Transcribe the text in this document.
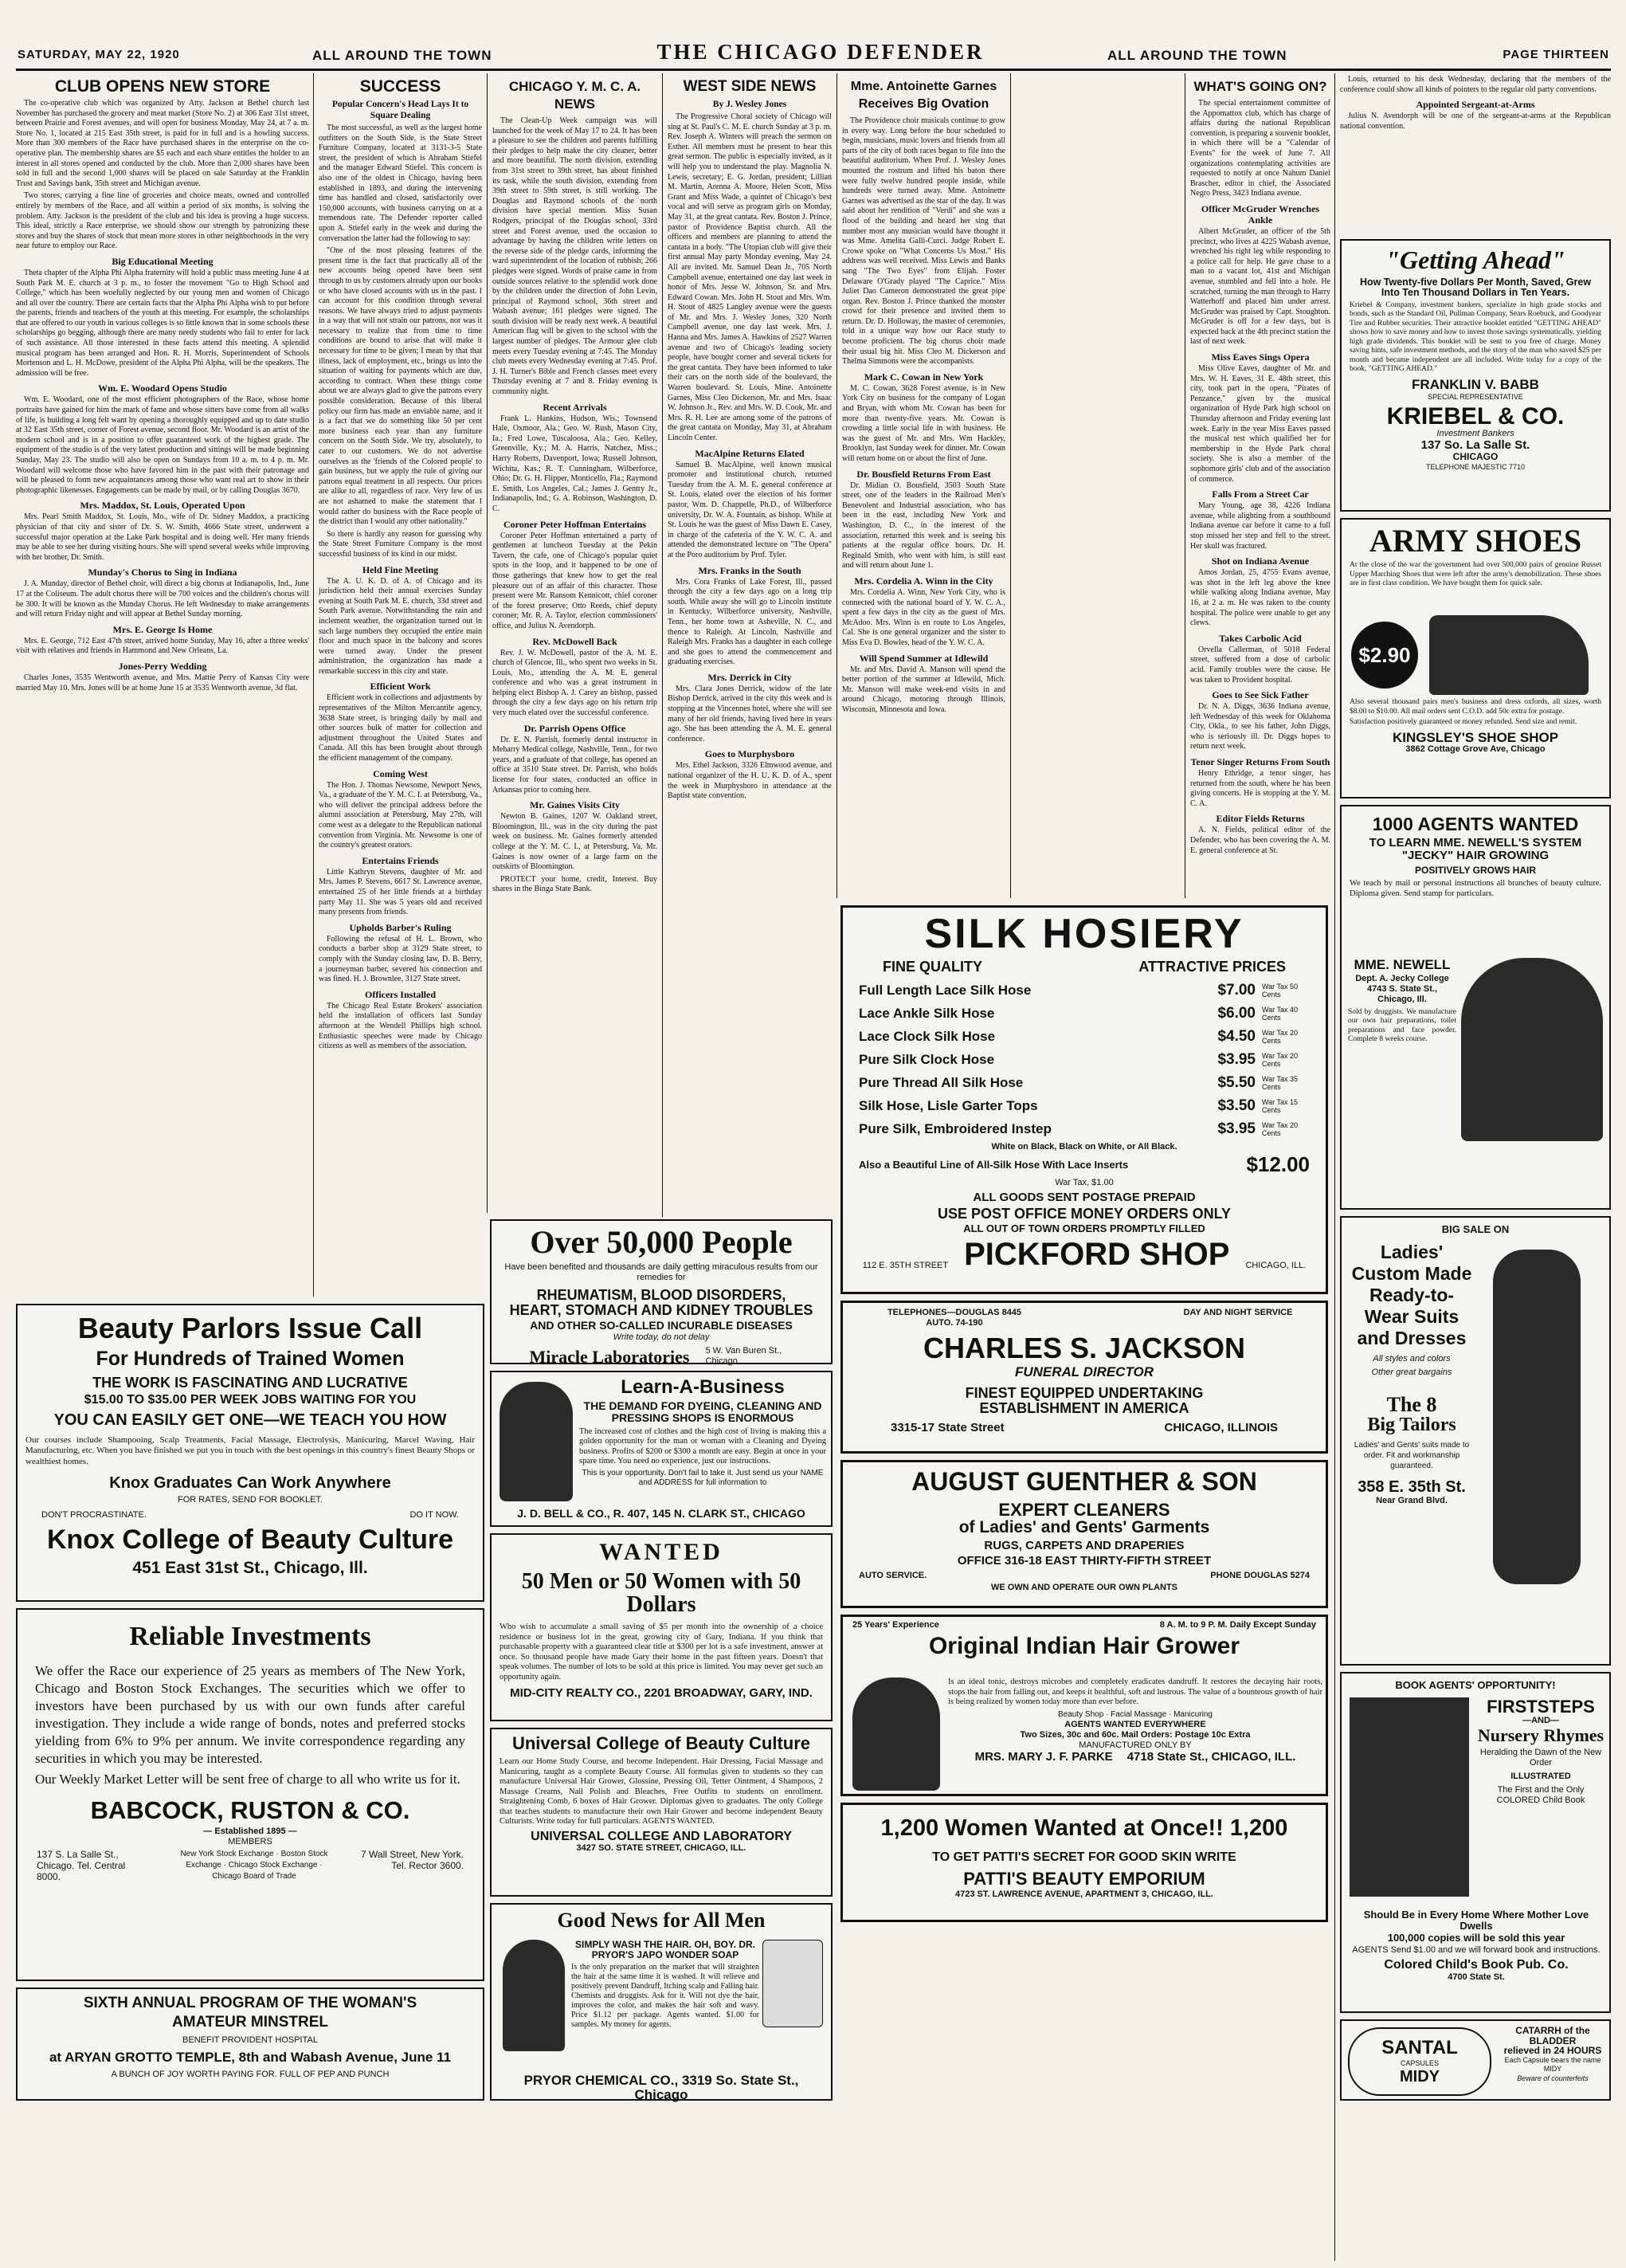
SATURDAY, MAY 22, 1920	ALL AROUND THE TOWN	THE CHICAGO DEFENDER	ALL AROUND THE TOWN	PAGE THIRTEEN
CLUB OPENS NEW STORE

The co-operative club which was organized by Atty. Jackson at Bethel church last November has purchased the grocery and meat market (Store No. 2) at 306 East 31st street, between Prairie and Forest avenues, and will open for business Monday, May 24, at 7 a. m. Store No. 1, located at 215 East 35th street, is paid for in full and is a howling success. More than 300 members of the Race have purchased shares in the enterprise on the co-operative plan. The membership shares are $5 each and each share entitles the holder to an interest in all stores opened and conducted by the club. More than 2,000 shares have been sold in full and the second 1,000 shares will be placed on sale Saturday at the Franklin Trust and Savings bank, 35th street and Michigan avenue.

Two stores, carrying a fine line of groceries and choice meats, owned and controlled entirely by members of the Race, and all within a period of six months, is solving the problem. Atty. Jackson is the president of the club and his idea is proving a huge success. This ideal, strictly a Race enterprise, we should show our strength by patronizing these stores and buy the shares of stock that mean more stores in other neighborhoods in the very near future to employ our Race.

Big Educational Meeting

Theta chapter of the Alpha Phi Alpha fraternity will hold a public mass meeting June 4 at South Park M. E. church at 3 p. m., to foster the movement "Go to High School and College," which has been woefully neglected by our young men and women of Chicago and all over the country. There are certain facts that the Alpha Phi Alpha wish to put before the parents, friends and teachers of the youth at this meeting. For example, the scholarships that are offered to our youth in various colleges is so little known that in some schools these scholarships go begging, although there are many needy students who fail to enter for lack of such assistance. All those interested in these facts attend this meeting. A splendid musical program has been arranged and Hon. R. H. Morris, Superintendent of Schools Mortenson and L. H. McDowe, president of the Alpha Phi Alpha, will be the speakers. The admission will be free.

Wm. E. Woodard Opens Studio

Wm. E. Woodard, one of the most efficient photographers of the Race, whose home portraits have gained for him the mark of fame and whose sitters have come from all walks of life, is building a long felt want by opening a thoroughly equipped and up to date studio at 32 East 35th street, corner of Forest avenue, second floor. Mr. Woodard is an artist of the modern school and is in a position to offer guaranteed work of the highest grade. The equipment of the studio is of the very latest production and sittings will be made beginning Sunday, May 23. The studio will also be open on Sundays from 10 a. m. to 4 p. m. Mr. Woodard will welcome those who have favored him in the past with their patronage and will be pleased to form new acquaintances among those who want real art to show in their photographic likenesses. Engagements can be made by mail, or by calling Douglas 3670.

Mrs. Maddox, St. Louis, Operated Upon

Mrs. Pearl Smith Maddox, St. Louis, Mo., wife of Dr. Sidney Maddox, a practicing physician of that city and sister of Dr. S. W. Smith, 4666 State street, underwent a successful major operation at the Lake Park hospital and is doing well. Her many friends may be able to see her during visiting hours. She will spend several weeks while improving with her brother, Dr. Smith.

Munday's Chorus to Sing in Indiana

J. A. Munday, director of Bethel choir, will direct a big chorus at Indianapolis, Ind., June 17 at the Coliseum. The adult chorus there will be 700 voices and the children's chorus will be 300. It will be known as the Munday Chorus. He left Wednesday to make arrangements and will return Friday night and will appear at Bethel Sunday morning.

Mrs. E. George Is Home

Mrs. E. George, 712 East 47th street, arrived home Sunday, May 16, after a three weeks' visit with relatives and friends in Hammond and New Orleans, La.

Jones-Perry Wedding

Charles Jones, 3535 Wentworth avenue, and Mrs. Mattie Perry of Kansas City were married May 10. Mrs. Jones will be at home June 15 at 3535 Wentworth avenue, 3d flat.

SUCCESS
Popular Concern's Head Lays It to Square Dealing

The most successful, as well as the largest home outfitters on the South Side, is the State Street Furniture Company, located at 3131-3-5 State street, the president of which is Abraham Stiefel and the manager Edward Stiefel. This concern is also one of the oldest in Chicago, having been established in 1893, and during the intervening time has handled and closed, satisfactorily over 150,000 accounts, with business carrying on at a tremendous rate. The Defender reporter called upon A. Stiefel early in the week and during the conversation the latter had the following to say:

"One of the most pleasing features of the present time is the fact that practically all of the new accounts being opened have been sent through to us by customers already upon our books or who have closed accounts with us in the past. I can account for this condition through several reasons. We have always tried to adjust payments in a way that will not strain our patrons, nor was it necessary to realize that from time to time conditions are bound to arise that will make it necessary for time to be given; I mean by that that illness, lack of employment, etc., brings us into the situation of waiting for payments which are due, according to contract. When these things come about we are always glad to give the patrons every possible consideration. Because of this liberal policy our firm has made an enviable name, and it is a fact that we do something like 50 per cent more business each year than any furniture concern on the South Side. We try, absolutely, to cater to our customers. We do not advertise ourselves as the 'friends of the Colored people' to gain business, but we apply the rule of giving our patrons equal treatment in all respects. Our prices are alike to all, regardless of race. Very few of us are not ashamed to make the statement that I would rather do business with the Race people of the district than I would any other nationality."

So there is hardly any reason for guessing why the State Street Furniture Company is the most successful business of its kind in our midst.

Held Fine Meeting

The A. U. K. D. of A. of Chicago and its jurisdiction held their annual exercises Sunday evening at South Park M. E. church, 33d street and South Park avenue. Notwithstanding the rain and inclement weather, the organization turned out in such large numbers they occupied the entire main floor and much space in the balcony and scores were turned away. Under the present administration, the organization has made a remarkable success in this city and state.

Efficient Work

Efficient work in collections and adjustments by representatives of the Milton Mercantile agency, 3638 State street, is bringing daily by mail and other sources bulk of matter for collection and adjustment throughout the United States and Canada. All this has been brought about through the efficient management of the company.

Coming West

The Hon. J. Thomas Newsome, Newport News, Va., a graduate of the Y. M. C. I. at Petersburg, Va., who will deliver the principal address before the alumni association at Petersburg, May 27th, will come west as a delegate to the Republican national convention from Virginia. Mr. Newsome is one of the country's greatest orators.

Entertains Friends

Little Kathryn Stevens, daughter of Mr. and Mrs. James P. Stevens, 6617 St. Lawrence avenue, entertained 25 of her little friends at a birthday party May 11. She was 5 years old and received many presents from friends.

Upholds Barber's Ruling

Following the refusal of H. L. Brown, who conducts a barber shop at 3129 State street, to comply with the Sunday closing law, D. B. Berry, a journeyman barber, severed his connection and was fined. H. J. Brownlee, 3127 State street.

Officers Installed

The Chicago Real Estate Brokers' association held the installation of officers last Sunday afternoon at the Wendell Phillips high school. Enthusiastic speeches were made by Chicago citizens as well as members of the association.

CHICAGO Y. M. C. A. NEWS

The Clean-Up Week campaign was will launched for the week of May 17 to 24. It has been a pleasure to see the children and parents fulfilling their pledges to help make the city cleaner, better and more beautiful. The north division, extending from 31st street to 39th street, has about finished its task, while the south division, extending from 39th street to 59th street, is still working. The Douglas and Raymond schools of the north division have special mention. Miss Susan Rodgers, principal of the Douglas school, 33rd street and Forest avenue, used the occasion to advantage by having the children write letters on the reverse side of the pledge cards, informing the ward superintendent of the location of rubbish; 266 pledges were signed. Words of praise came in from outside sources relative to the splendid work done by the children under the direction of John Levin, principal of Raymond school, 36th street and Wabash avenue; 161 pledges were signed. The south division will be ready next week. A beautiful American flag will be given to the school with the largest number of pledges. The Armour glee club meets every Tuesday evening at 7:45. The Monday club meets every Wednesday evening at 7:45. Prof. J. H. Turner's Bible and French classes meet every Thursday evening at 7 and 8. Friday evening is community night.

Recent Arrivals

Frank L. Hankins, Hudson, Wis.; Townsend Hale, Oxmoor, Ala.; Geo. W. Rush, Mason City, Ia.; Fred Lowe, Tuscaloosa, Ala.; Geo. Kelley, Greenville, Ky.; M. A. Harris, Natchez, Miss.; Harry Roberts, Davenport, Iowa; Russell Johnson, Wichita, Kas.; R. T. Cunningham, Wilberforce, Ohio; Dr. G. H. Flipper, Monticello, Fla.; Raymond E. Smith, Los Angeles, Cal.; James J. Gentry Jr., Indianapolis, Ind.; G. A. Robinson, Washington, D. C.

Coroner Peter Hoffman Entertains

Coroner Peter Hoffman entertained a party of gentlemen at luncheon Tuesday at the Pekin Tavern, the cafe, one of Chicago's popular quiet spots in the loop, and it happened to be one of those gatherings that knew how to get the real pleasure out of an affair of this character. Those present were Mr. Ransom Kennicott, chief coroner of the forest preserve; Otto Reeds, chief deputy coroner; Mr. R. A. Taylor, election commissioners' office, and Julius N. Avendorph.

Rev. McDowell Back

Rev. J. W. McDowell, pastor of the A. M. E. church of Glencoe, Ill., who spent two weeks in St. Louis, Mo., attending the A. M. E. general conference and who was a great instrument in helping elect Bishop A. J. Carey an bishop, passed through the city a few days ago on his return trip very much elated over the successful conference.

Dr. Parrish Opens Office

Dr. E. N. Parrish, formerly dental instructor in Meharry Medical college, Nashville, Tenn., for two years, and a graduate of that college, has opened an office at 3510 State street. Dr. Parrish, who holds license for four states, conducted an office in Arkansas prior to coming here.

Mr. Gaines Visits City

Newton B. Gaines, 1207 W. Oakland street, Bloomington, Ill., was in the city during the past week on business. Mr. Gaines formerly attended college at the Y. M. C. I., at Petersburg, Va. Mr. Gaines is now owner of a large farm on the outskirts of Bloomington.

PROTECT your home, credit, Interest. Buy shares in the Binga State Bank.

WEST SIDE NEWS
By J. Wesley Jones

The Progressive Choral society of Chicago will sing at St. Paul's C. M. E. church Sunday at 3 p. m. Rev. Joseph A. Winters will preach the sermon on Esther. All members must be present to hear this great sermon. The public is especially invited, as it will help you to understand the play. Magnolia N. Lewis, secretary; E. G. Jordan, president; Lillian M. Martin, Arenna A. Moore, Helen Scott, Miss Grant and Miss Wade, a quintet of Chicago's best vocal and will serve as program girls on Monday, May 31, at the great cantata. Rev. Boston J. Prince, pastor of Providence Baptist church. All the officers and members are planning to attend the cantata in a body. "The Utopian club will give their first annual May party Monday evening, May 24. All are invited. Mr. Samuel Dean Jr., 705 North Campbell avenue, entertained one day last week in honor of Mrs. Jesse W. Johnson, Sr. and Mrs. Edward Cowan. Mrs. John H. Stout and Mrs. Wm. H. Stout of 4825 Langley avenue were the guests of Mr. and Mrs. J. Wesley Jones, 320 North Campbell avenue, one day last week. Mrs. J. Hanna and Mrs. James A. Hawkins of 2527 Warren avenue and two of Chicago's leading society people, have bought corner and several tickets for the great cantata. They have been informed to take their cars on the north side of the boulevard, the Warren boulevard. St. Louis, Mine. Antoinette Garnes, Miss Cleo Dickerson, Mr. and Mrs. Isaac W. Johnson Jr., Rev. and Mrs. W. D. Cook, Mr. and Mrs. R. H. Lee are among some of the patrons of the great cantata on Monday, May 31, at Abraham Lincoln Center.

MacAlpine Returns Elated

Samuel B. MacAlpine, well known musical promoter and institutional church, returned Tuesday from the A. M. E. general conference at St. Louis, elated over the election of his former pastor, Wm. D. Chappelle, Ph.D., of Wilberforce university, Dr. W. A. Fountain, as bishop. While at St. Louis he was the guest of Miss Dawn E. Casey, in charge of the cafeteria of the Y. W. C. A. and attended the demonstrated lecture on "The Opera" at the Poro auditorium by Prof. Tyler.

Mrs. Franks in the South

Mrs. Cora Franks of Lake Forest, Ill., passed through the city a few days ago on a long trip south. While away she will go to Lincoln institute in Kentucky, Wilberforce university, Nashville, Tenn., her home town at Asheville, N. C., and thence to Raleigh. At Lincoln, Nashville and Raleigh Mrs. Franks has a daughter in each college and she goes to attend the commencement and graduating exercises.

Mrs. Derrick in City

Mrs. Clara Jones Derrick, widow of the late Bishop Derrick, arrived in the city this week and is stopping at the Vincennes hotel, where she will see many of her old friends, having lived here in years ago. She has been attending the A. M. E. general conference.

Goes to Murphysboro

Mrs. Ethel Jackson, 3326 Elmwood avenue, and national organizer of the H. U. K. D. of A., spent the week in Murphysboro in attendance at the Baptist state convention.

Mme. Antoinette Garnes Receives Big Ovation

The Providence choir musicals continue to grow in every way. Long before the hour scheduled to begin, musicians, music lovers and friends from all parts of the city of both races began to file into the beautiful auditorium. When Prof. J. Wesley Jones mounted the rostrum and lifted his baton there were fully twelve hundred people inside, while hundreds were turned away. Mme. Antoinette Garnes was advertised as the star of the day. It was said about her rendition of "Verdi" and she was a flood of the building and heard her sing that number most any musician would have thought it was Mme. Amelita Galli-Curci. Judge Robert E. Crowe spoke on "What Concerns Us Most." His address was well received. Miss Lewis and Banks sang "The Two Eyes" from Elijah. Foster Delaware O'Grady played "The Caprice." Miss Juliet Dao Cameron demonstrated the great pipe organ. Rev. Boston J. Prince thanked the monster crowd for their presence and invited them to return. Dr. D. Holloway, the master of ceremonies, told in a unique way how our Race study to become proficient. The big chorus choir made their usual big hit. Miss Cleo M. Dickerson and Thelma Simmons were the accompanists.

Mark C. Cowan in New York

M. C. Cowan, 3628 Forest avenue, is in New York City on business for the company of Logan and Bryan, with whom Mr. Cowan has been for more than twenty-five years. Mr. Cowan is crowding a little social life in with business. He was the guest of Mr. and Mrs. Wm Hackley, Brooklyn, last Sunday week for dinner. Mr. Cowan will return home on or about the first of June.

Dr. Bousfield Returns From East

Dr. Midian O. Bousfield, 3503 South State street, one of the leaders in the Railroad Men's Benevolent and Industrial association, who has been in the east, including New York and Washington, D. C., in the interest of the association, returned this week and is seeing his patients at the regular office hours. Dr. H. Reginald Smith, who went with him, is still east and will return about June 1.

Mrs. Cordelia A. Winn in the City

Mrs. Cordelia A. Winn, New York City, who is connected with the national board of Y. W. C. A., spent a few days in the city as the guest of Mrs. McAdoo. Mrs. Winn is en route to Los Angeles, Cal. She is one general organizer and the sister to Miss Eva D. Bowles, head of the Y. W. C. A.

Will Spend Summer at Idlewild

Mr. and Mrs. David A. Manson will spend the better portion of the summer at Idlewild, Mich. Mr. Manson will make week-end visits in and around Chicago, motoring through Illinois, Wisconsin, Minnesota and Iowa.

WHAT'S GOING ON?

The special entertainment committee of the Appomattox club, which has charge of affairs during the national Republican convention, is preparing a souvenir booklet, in which there will be a "Calendar of Events" for the week of June 7. All organizations contemplating activities are requested to notify at once Nahum Daniel Brascher, editor in chief, the Associated Negro Press, 3423 Indiana avenue.

Officer McGruder Wrenches Ankle

Albert McGruder, an officer of the 5th precinct, who lives at 4225 Wabash avenue, wrenched his right leg while responding to a police call for help. He gave chase to a man to a vacant lot, 41st and Michigan avenue, stumbled and fell into a hole. He scratched, turning the man through to Harry Watterhoff and placed him under arrest. McGruder was praised by Capt. Stoughton. McGruder is off for a few days, but is expected back at the 4th precinct station the last of next week.

Miss Eaves Sings Opera

Miss Olive Eaves, daughter of Mr. and Mrs. W. H. Eaves, 31 E. 48th street, this city, took part in the opera, "Pirates of Penzance," given by the musical organization of Hyde Park high school on Thursday afternoon and Friday evening last week. Early in the year Miss Eaves passed the musical test which qualified her for membership in the Hyde Park choral society. She is also a member of the sophomore girls' club and of the association of commerce.

Falls From a Street Car

Mary Young, age 38, 4226 Indiana avenue, while alighting from a southbound Indiana avenue car before it came to a full stop missed her step and fell to the street. Her skull was fractured.

Shot on Indiana Avenue

Amos Jordan, 25, 4755 Evans avenue, was shot in the left leg above the knee while walking along Indiana avenue, May 16, at 2 a. m. He was taken to the county hospital. The police were unable to get any clews.

Takes Carbolic Acid

Orvella Callerman, of 5018 Federal street, suffered from a dose of carbolic acid. Family troubles were the cause. He was taken to Provident hospital.

Goes to See Sick Father

Dr. N. A. Diggs, 3636 Indiana avenue, left Wednesday of this week for Oklahoma City, Okla., to see his father, John Diggs, who is seriously ill. Dr. Diggs hopes to return next week.

Tenor Singer Returns From South

Henry Ethridge, a tenor singer, has returned from the south, where he has been giving concerts. He is stopping at the Y. M. C. A.

Editor Fields Returns

A. N. Fields, political editor of the Defender, who has been covering the A. M. E. general conference at St.

Louis, returned to his desk Wednesday, declaring that the members of the conference could show all kinds of pointers to the regular old party conventions.

Appointed Sergeant-at-Arms

Julius N. Avendorph will be one of the sergeant-at-arms at the Republican national convention.

Beauty Parlors Issue Call
For Hundreds of Trained Women
THE WORK IS FASCINATING AND LUCRATIVE
$15.00 TO $35.00 PER WEEK JOBS WAITING FOR YOU
YOU CAN EASILY GET ONE—WE TEACH YOU HOW
Our courses include Shampooing, Scalp Treatments, Facial Massage, Electrolysis, Manicuring, Marcel Waving, Hair Manufacturing, etc. When you have finished we put you in touch with the best openings in this country's finest Beauty Shops or wealthiest homes.
Knox Graduates Can Work Anywhere
FOR RATES, SEND FOR BOOKLET.
DON'T PROCRASTINATE.	DO IT NOW.
Knox College of Beauty Culture
451 East 31st St., Chicago, Ill.
Reliable Investments
We offer the Race our experience of 25 years as members of The New York, Chicago and Boston Stock Exchanges. The securities which we offer to investors have been purchased by us with our own funds after careful investigation. They include a wide range of bonds, notes and preferred stocks yielding from 6% to 9% per annum. We invite correspondence regarding any securities in which you may be interested.
Our Weekly Market Letter will be sent free of charge to all who write us for it.
BABCOCK, RUSTON & CO.
— Established 1895 —
MEMBERS
137 S. La Salle St., Chicago. Tel. Central 8000.
New York Stock Exchange · Boston Stock Exchange · Chicago Stock Exchange · Chicago Board of Trade
7 Wall Street, New York. Tel. Rector 3600.
SIXTH ANNUAL PROGRAM OF THE WOMAN'S
AMATEUR MINSTREL
BENEFIT PROVIDENT HOSPITAL
at ARYAN GROTTO TEMPLE, 8th and Wabash Avenue, June 11
A BUNCH OF JOY WORTH PAYING FOR. FULL OF PEP AND PUNCH
Over 50,000 People
Have been benefited and thousands are daily getting miraculous results from our remedies for
RHEUMATISM, BLOOD DISORDERS,
HEART, STOMACH AND KIDNEY TROUBLES
AND OTHER SO-CALLED INCURABLE DISEASES
Write today, do not delay
Miracle Laboratories 5 W. Van Buren St., Chicago
Learn-A-Business
THE DEMAND FOR DYEING, CLEANING AND PRESSING SHOPS IS ENORMOUS
The increased cost of clothes and the high cost of living is making this a golden opportunity for the man or woman with a Cleaning and Dyeing business. Profits of $200 or $300 a month are easy. Begin at once in your spare time. You need no experience, just our instructions.
This is your opportunity. Don't fail to take it. Just send us your NAME and ADDRESS for full information to
J. D. BELL & CO., R. 407, 145 N. CLARK ST., CHICAGO
WANTED
50 Men or 50 Women with 50 Dollars
Who wish to accumulate a small saving of $5 per month into the ownership of a choice residence or business lot in the great, growing city of Gary, Indiana. If you think that purchasable property with a guaranteed clear title at $300 per lot is a safe investment, answer at once. So thousand people have made Gary their home in the past fifteen years. Doesn't that speak volumes. The number of lots to be sold at this price is limited. You may never get such an opportunity again.
MID-CITY REALTY CO., 2201 BROADWAY, GARY, IND.
Universal College of Beauty Culture
Learn our Home Study Course, and become Independent. Hair Dressing, Facial Massage and Manicuring, taught as a complete Beauty Course. All formulas given to students so they can manufacture Universal Hair Grower, Glossine, Pressing Oil, Tetter Ointment, 4 Shampoos, 2 Massage Creams, Nail Polish and Bleaches, Free Outfits to students on enrollment. Straightening Comb, 6 boxes of Hair Grower. Diplomas given to graduates. The only College that teaches students to manufacture their own Hair Grower and become independent Beauty Culturists. Write today for full particulars. AGENTS WANTED.
UNIVERSAL COLLEGE AND LABORATORY
3427 SO. STATE STREET, CHICAGO, ILL.
Good News for All Men
SIMPLY WASH THE HAIR. OH, BOY. DR. PRYOR'S JAPO WONDER SOAP
Is the only preparation on the market that will straighten the hair at the same time it is washed. It will relieve and positively prevent Dandruff, Itching scalp and Falling hair. Chemists and druggists. Ask for it. Will not dye the hair, improves the color, and makes the hair soft and wavy. Price $1.12 per package. Agents wanted. $1.00 for samples. My money for agents.
PRYOR CHEMICAL CO., 3319 So. State St., Chicago
SILK HOSIERY
FINE QUALITY	ATTRACTIVE PRICES
Full Length Lace Silk Hose	$7.00 War Tax 50 Cents
Lace Ankle Silk Hose	$6.00 War Tax 40 Cents
Lace Clock Silk Hose	$4.50 War Tax 20 Cents
Pure Silk Clock Hose	$3.95 War Tax 20 Cents
Pure Thread All Silk Hose	$5.50 War Tax 35 Cents
Silk Hose, Lisle Garter Tops	$3.50 War Tax 15 Cents
Pure Silk, Embroidered Instep	$3.95 War Tax 20 Cents
White on Black, Black on White, or All Black.
Also a Beautiful Line of All-Silk Hose With Lace Inserts	$12.00
War Tax, $1.00
ALL GOODS SENT POSTAGE PREPAID
USE POST OFFICE MONEY ORDERS ONLY
ALL OUT OF TOWN ORDERS PROMPTLY FILLED
112 E. 35TH STREET PICKFORD SHOP CHICAGO, ILL.
TELEPHONES—DOUGLAS 8445 AUTO. 74-190
DAY AND NIGHT SERVICE
CHARLES S. JACKSON
FUNERAL DIRECTOR
FINEST EQUIPPED UNDERTAKING
ESTABLISHMENT IN AMERICA
3315-17 State Street	CHICAGO, ILLINOIS
AUGUST GUENTHER & SON
EXPERT CLEANERS
of Ladies' and Gents' Garments
RUGS, CARPETS AND DRAPERIES
OFFICE 316-18 EAST THIRTY-FIFTH STREET
AUTO SERVICE.	PHONE DOUGLAS 5274
WE OWN AND OPERATE OUR OWN PLANTS
25 Years' Experience	8 A. M. to 9 P. M. Daily Except Sunday
Original Indian Hair Grower
Is an ideal tonic, destroys microbes and completely eradicates dandruff. It restores the decaying hair roots, stops the hair from falling out, and keeps it healthful, soft and lustrous. The value of a bounteous growth of hair is being realized by women today more than ever before.
Beauty Shop · Facial Massage · Manicuring
AGENTS WANTED EVERYWHERE
Two Sizes, 30c and 60c. Mail Orders: Postage 10c Extra
MANUFACTURED ONLY BY
MRS. MARY J. F. PARKE 4718 State St., CHICAGO, ILL.
1,200 Women Wanted at Once!! 1,200
TO GET PATTI'S SECRET FOR GOOD SKIN WRITE
PATTI'S BEAUTY EMPORIUM
4723 ST. LAWRENCE AVENUE, APARTMENT 3, CHICAGO, ILL.
"Getting Ahead"
How Twenty-five Dollars Per Month, Saved, Grew Into Ten Thousand Dollars in Ten Years.
Kriebel & Company, investment bankers, specialize in high grade stocks and bonds, such as the Standard Oil, Pullman Company, Sears Roebuck, and Goodyear Tire and Rubber securities. Their attractive booklet entitled "GETTING AHEAD" shows how to save money and how to invest those savings systematically, yielding high grade dividends. This booklet will be sent to you free of charge. Money saving hints, safe investment methods, and the story of the man who saved $25 per month and became independent are all included. Write today for a copy of the book, "GETTING AHEAD."
FRANKLIN V. BABB
SPECIAL REPRESENTATIVE
KRIEBEL & CO.
Investment Bankers
137 So. La Salle St.
CHICAGO
TELEPHONE MAJESTIC 7710
ARMY SHOES
At the close of the war the government had over 500,000 pairs of genuine Russet Upper Marching Shoes that were left after the army's demobilization. These shoes are in first class condition. We have bought them for quick sale.
$2.90
Also several thousand pairs men's business and dress oxfords, all sizes, worth $8.00 to $10.00. All mail orders sent C.O.D. add 50c extra for postage.
Satisfaction positively guaranteed or money refunded. Send size and remit.
KINGSLEY'S SHOE SHOP
3862 Cottage Grove Ave, Chicago
1000 AGENTS WANTED
TO LEARN MME. NEWELL'S SYSTEM "JECKY" HAIR GROWING
POSITIVELY GROWS HAIR
We teach by mail or personal instructions all branches of beauty culture. Diploma given. Send stamp for particulars.
MME. NEWELL
Dept. A. Jecky College 4743 S. State St., Chicago, Ill.
Sold by druggists. We manufacture our own hair preparations, toilet preparations and face powder. Complete 8 weeks course.
BIG SALE ON
Ladies' Custom Made Ready-to-Wear Suits and Dresses
All styles and colors
Other great bargains
The 8
Big Tailors
Ladies' and Gents' suits made to order. Fit and workmanship guaranteed.
358 E. 35th St.
Near Grand Blvd.
BOOK AGENTS' OPPORTUNITY!
FIRSTSTEPS
—AND—
Nursery Rhymes
Heralding the Dawn of the New Order
ILLUSTRATED
The First and the Only COLORED Child Book
Should Be in Every Home Where Mother Love Dwells
100,000 copies will be sold this year
AGENTS Send $1.00 and we will forward book and instructions.
Colored Child's Book Pub. Co.
4700 State St.
SANTAL
CAPSULES
MIDY
CATARRH of the BLADDER
relieved in 24 HOURS
Each Capsule bears the name MIDY
Beware of counterfeits
